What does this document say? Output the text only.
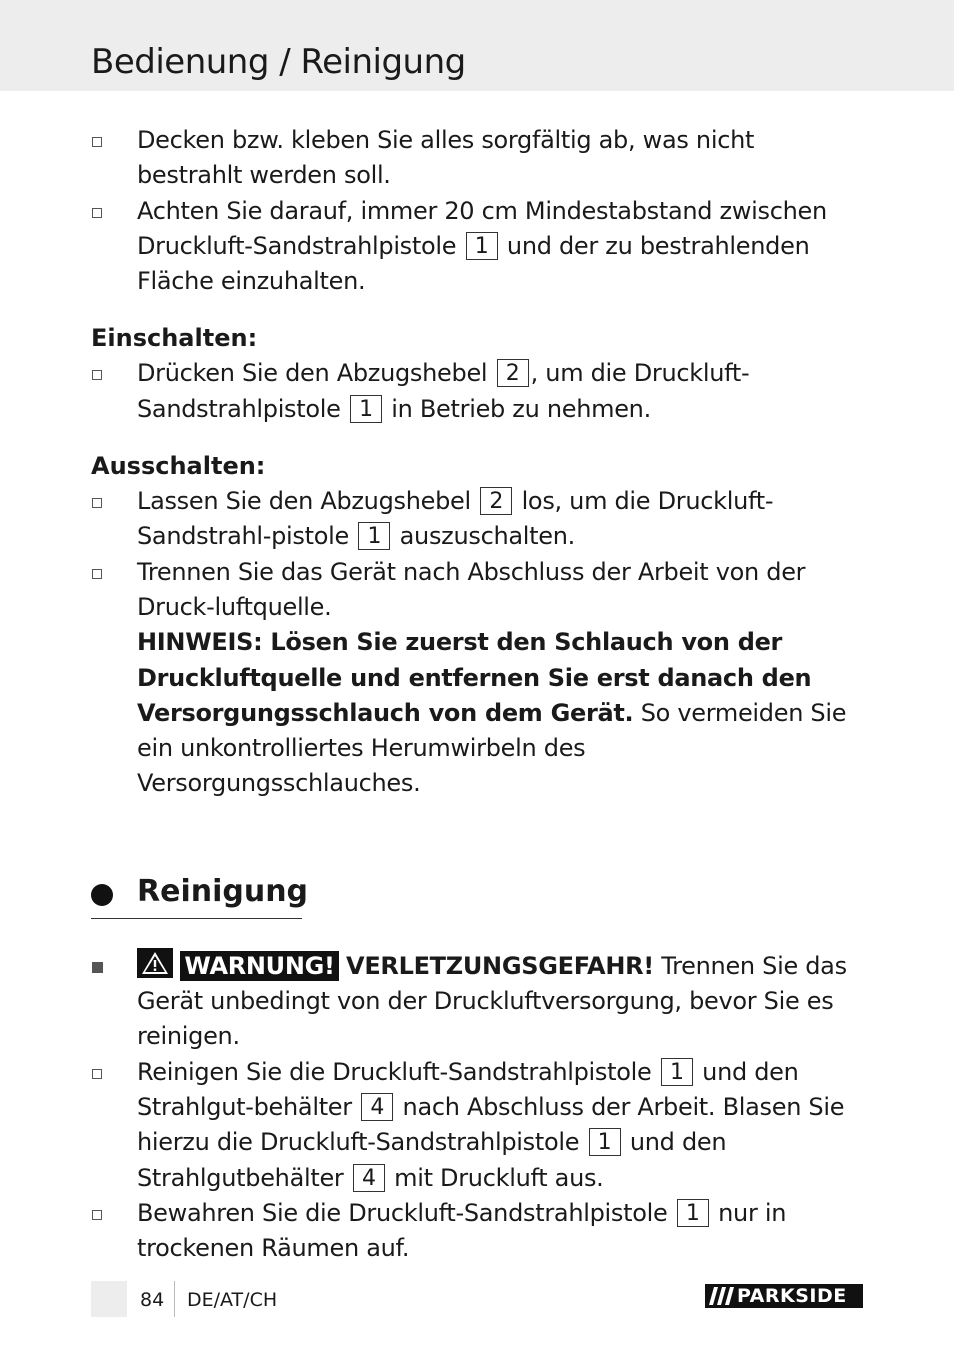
Bedienung / Reinigung
Decken bzw. kleben Sie alles sorgfältig ab, was nicht bestrahlt werden soll.
Achten Sie darauf, immer 20 cm Mindestabstand zwischen Druckluft-Sandstrahlpistole 1 und der zu bestrahlenden Fläche einzuhalten.
Einschalten:
Drücken Sie den Abzugshebel 2 , um die Druckluft-Sandstrahlpistole 1 in Betrieb zu nehmen.
Ausschalten:
Lassen Sie den Abzugshebel 2 los, um die Druckluft-Sandstrahl-pistole 1 auszuschalten.
Trennen Sie das Gerät nach Abschluss der Arbeit von der Druck-luftquelle.
HINWEIS: Lösen Sie zuerst den Schlauch von der Druckluftquelle und entfernen Sie erst danach den Versorgungsschlauch von dem Gerät. So vermeiden Sie ein unkontrolliertes Herumwirbeln des Versorgungsschlauches.
Reinigung
WARNUNG! VERLETZUNGSGEFAHR! Trennen Sie das Gerät unbedingt von der Druckluftversorgung, bevor Sie es reinigen.
Reinigen Sie die Druckluft-Sandstrahlpistole 1 und den Strahlgut-behälter 4 nach Abschluss der Arbeit. Blasen Sie hierzu die Druckluft-Sandstrahlpistole 1 und den Strahlgutbehälter 4 mit Druckluft aus.
Bewahren Sie die Druckluft-Sandstrahlpistole 1 nur in trockenen Räumen auf.
84 DE/AT/CH	PARKSIDE
